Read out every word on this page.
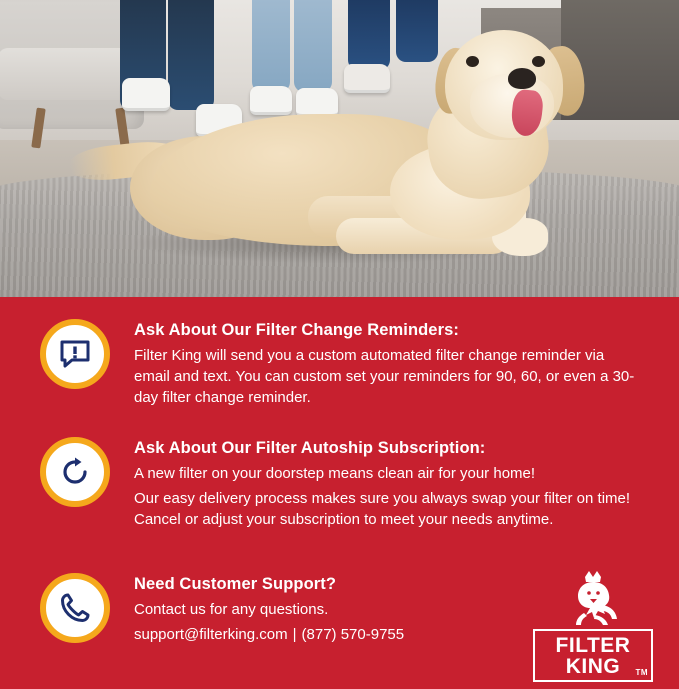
Ask About Our Filter Change Reminders:

Filter King will send you a custom automated filter change reminder via email and text. You can custom set your reminders for 90, 60, or even a 30-day filter change reminder.

Ask About Our Filter Autoship Subscription:

A new filter on your doorstep means clean air for your home!

Our easy delivery process makes sure you always swap your filter on time! Cancel or adjust your subscription to meet your needs anytime.

Need Customer Support?

Contact us for any questions.

support@filterking.com | (877) 570-9755	FILTER
KING	TM
